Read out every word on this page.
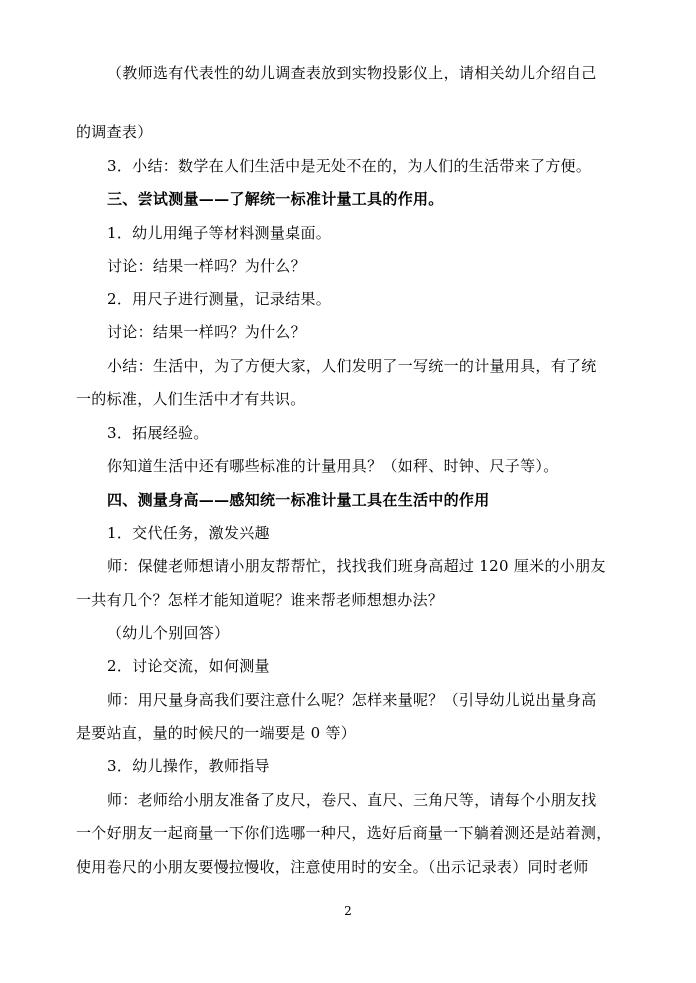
（教师选有代表性的幼儿调查表放到实物投影仪上，请相关幼儿介绍自己
的调查表）
3．小结：数学在人们生活中是无处不在的，为人们的生活带来了方便。
三、尝试测量——了解统一标准计量工具的作用。
1．幼儿用绳子等材料测量桌面。
讨论：结果一样吗？为什么？
2．用尺子进行测量，记录结果。
讨论：结果一样吗？为什么？
小结：生活中，为了方便大家，人们发明了一写统一的计量用具，有了统
一的标准，人们生活中才有共识。
3．拓展经验。
你知道生活中还有哪些标准的计量用具？（如秤、时钟、尺子等）。
四、测量身高——感知统一标准计量工具在生活中的作用
1．交代任务，激发兴趣
师：保健老师想请小朋友帮帮忙，找找我们班身高超过 120 厘米的小朋友
一共有几个？怎样才能知道呢？谁来帮老师想想办法？
（幼儿个别回答）
2．讨论交流，如何测量
师：用尺量身高我们要注意什么呢？怎样来量呢？（引导幼儿说出量身高
是要站直，量的时候尺的一端要是 0 等）
3．幼儿操作，教师指导
师：老师给小朋友准备了皮尺，卷尺、直尺、三角尺等，请每个小朋友找
一个好朋友一起商量一下你们选哪一种尺，选好后商量一下躺着测还是站着测，
使用卷尺的小朋友要慢拉慢收，注意使用时的安全。（出示记录表）同时老师
2
